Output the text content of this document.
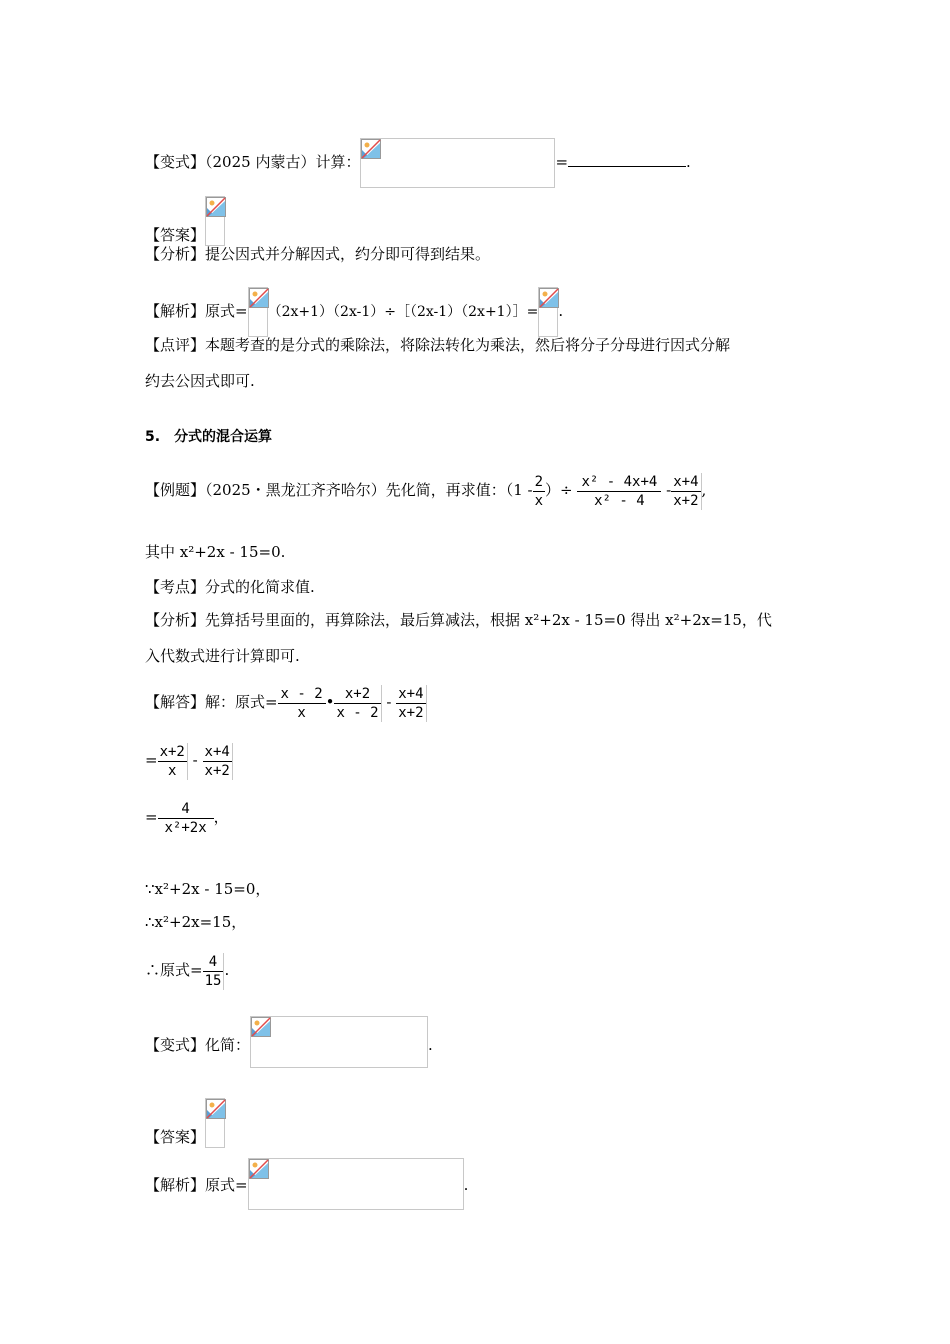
【变式】（2025 内蒙古）计算：	=	.
【答案】
【分析】提公因式并分解因式，约分即可得到结果。
【解析】原式= （2x+1）（2x-1）÷［（2x-1）（2x+1）］= .
【点评】本题考查的是分式的乘除法，将除法转化为乘法，然后将分子分母进行因式分解
约去公因式即可.
5. 分式的混合运算
【例题】（2025・黑龙江齐齐哈尔）先化简，再求值：（$1 - \frac{2}{x}$ ）÷ $\frac{\text{x² - 4x+4}}{\text{x² - 4}} - \frac{x+4}{x+2}$ ,
其中 x²+2x - 15=0.
【考点】分式的化简求值.
【分析】先算括号里面的，再算除法，最后算减法，根据 x²+2x - 15=0 得出 x²+2x=15，代
入代数式进行计算即可.
【解答】解：原式= $\frac{x - 2}{x}$ • $\frac{x+2}{x - 2} - \frac{x+4}{x+2}$
= $\frac{x+2}{x} - \frac{x+4}{x+2}$
= $\frac{4}{\text{x²+2x}}$ ，
∵x²+2x - 15=0，
∴x²+2x=15，
∴原式= $\frac{4}{15}$ .
【变式】化简：	.
【答案】
【解析】原式=	.
